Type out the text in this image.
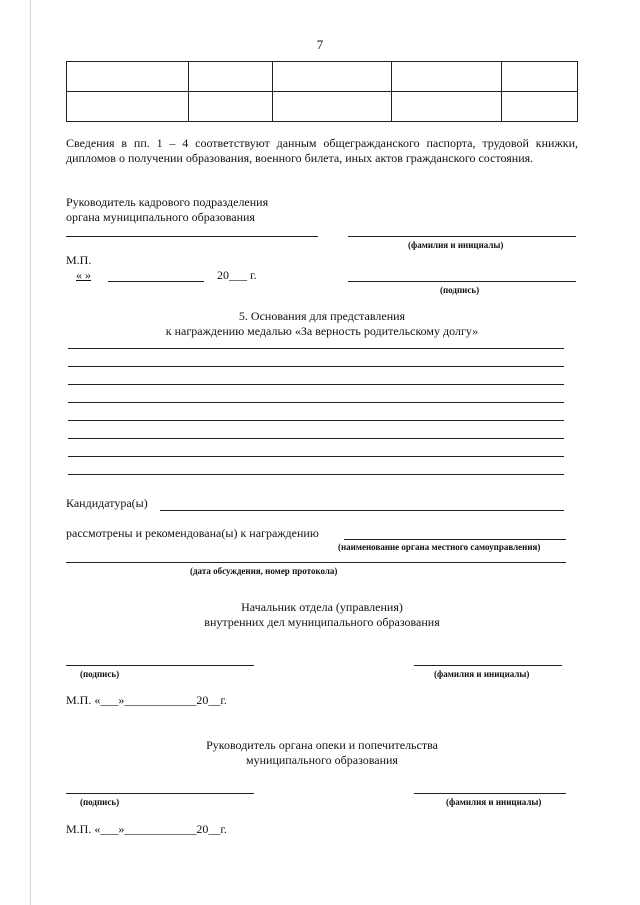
7

Сведения в пп. 1 – 4 соответствуют данным общегражданского паспорта, трудовой книжки, дипломов о получении образования, военного билета, иных актов гражданского состояния.
Руководитель кадрового подразделения
органа муниципального образования
(фамилия и инициалы)
М.П.
« »	20___ г.
(подпись)
5. Основания для представления
к награждению медалью «За верность родительскому долгу»
Кандидатура(ы)
рассмотрены и рекомендована(ы) к награждению
(наименование органа местного самоуправления)
(дата обсуждения, номер протокола)
Начальник отдела (управления)
внутренних дел муниципального образования
(подпись)	(фамилия и инициалы)
М.П. «___»____________20__г.
Руководитель органа опеки и попечительства
муниципального образования
(подпись)	(фамилия и инициалы)
М.П. «___»____________20__г.
